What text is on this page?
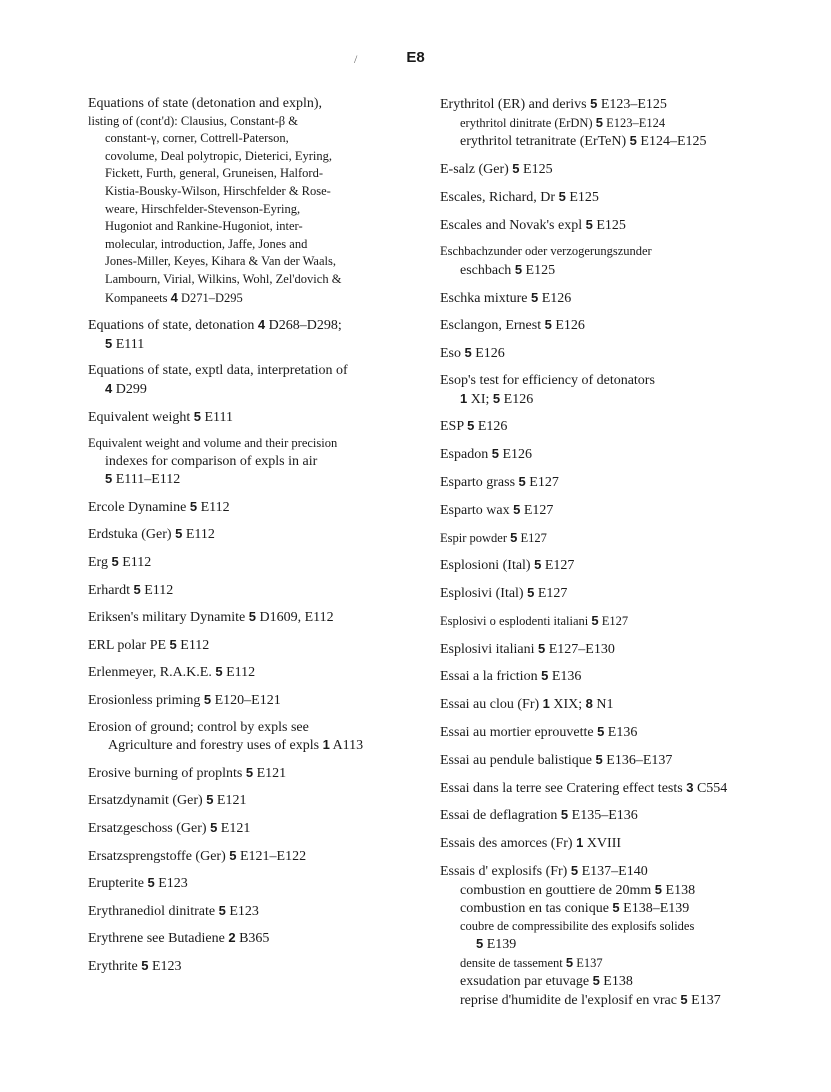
E8
/
Equations of state (detonation and expln),
listing of (cont'd): Clausius, Constant-β &
constant-γ, corner, Cottrell-Paterson,
covolume, Deal polytropic, Dieterici, Eyring,
Fickett, Furth, general, Gruneisen, Halford-
Kistia-Bousky-Wilson, Hirschfelder & Rose-
weare, Hirschfelder-Stevenson-Eyring,
Hugoniot and Rankine-Hugoniot, inter-
molecular, introduction, Jaffe, Jones and
Jones-Miller, Keyes, Kihara & Van der Waals,
Lambourn, Virial, Wilkins, Wohl, Zel'dovich &
Kompaneets 4 D271–D295
Equations of state, detonation 4 D268–D298;
5 E111
Equations of state, exptl data, interpretation of
4 D299
Equivalent weight 5 E111
Equivalent weight and volume and their precision
indexes for comparison of expls in air
5 E111–E112
Ercole Dynamine 5 E112
Erdstuka (Ger) 5 E112
Erg 5 E112
Erhardt 5 E112
Eriksen's military Dynamite 5 D1609, E112
ERL polar PE 5 E112
Erlenmeyer, R.A.K.E. 5 E112
Erosionless priming 5 E120–E121
Erosion of ground; control by expls see
Agriculture and forestry uses of expls 1 A113
Erosive burning of proplnts 5 E121
Ersatzdynamit (Ger) 5 E121
Ersatzgeschoss (Ger) 5 E121
Ersatzsprengstoffe (Ger) 5 E121–E122
Erupterite 5 E123
Erythranediol dinitrate 5 E123
Erythrene see Butadiene 2 B365
Erythrite 5 E123
Erythritol (ER) and derivs 5 E123–E125
erythritol dinitrate (ErDN) 5 E123–E124
erythritol tetranitrate (ErTeN) 5 E124–E125
E-salz (Ger) 5 E125
Escales, Richard, Dr 5 E125
Escales and Novak's expl 5 E125
Eschbachzunder oder verzogerungszunder
eschbach 5 E125
Eschka mixture 5 E126
Esclangon, Ernest 5 E126
Eso 5 E126
Esop's test for efficiency of detonators
1 XI; 5 E126
ESP 5 E126
Espadon 5 E126
Esparto grass 5 E127
Esparto wax 5 E127
Espir powder 5 E127
Esplosioni (Ital) 5 E127
Esplosivi (Ital) 5 E127
Esplosivi o esplodenti italiani 5 E127
Esplosivi italiani 5 E127–E130
Essai a la friction 5 E136
Essai au clou (Fr) 1 XIX; 8 N1
Essai au mortier eprouvette 5 E136
Essai au pendule balistique 5 E136–E137
Essai dans la terre see Cratering effect tests 3 C554
Essai de deflagration 5 E135–E136
Essais des amorces (Fr) 1 XVIII
Essais d' explosifs (Fr) 5 E137–E140
combustion en gouttiere de 20mm 5 E138
combustion en tas conique 5 E138–E139
coubre de compressibilite des explosifs solides
5 E139
densite de tassement 5 E137
exsudation par etuvage 5 E138
reprise d'humidite de l'explosif en vrac 5 E137
